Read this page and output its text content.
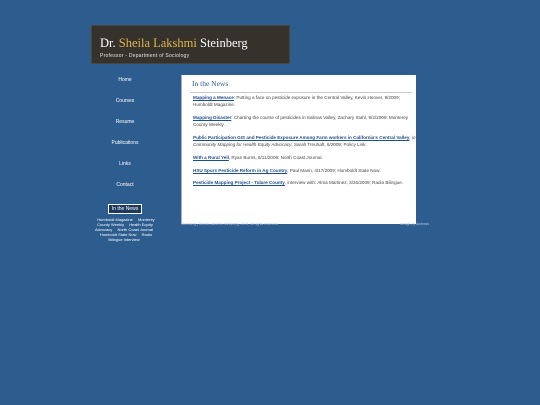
Dr. Sheila Lakshmi Steinberg
Professor - Department of Sociology
Home
Courses
Resume
Publications
Links
Contact
In the News
Humboldt Magazine Monterey County Weekly Health Equity Advocacy North Coast Journal Humboldt State Now Radio Bilingue Interview
In the News

Mapping a Menace: Putting a face on pesticide exposure in the Central Valley, Kevin Hoover, 9/2009; Humboldt Magazine.

Mapping Disaster: Charting the course of pesticides in Salinas Valley, Zachary Stahl, 9/2/2009; Monterey County Weekly.

Public Participation GIS and Pesticide Exposure Among Farm workers in California's Central Valley, in Community Mapping for Health Equity Advocacy, Sarah Treuhaft, 6/2009; Policy Link.

With a Rural Yell, Ryan Burns, 6/11/2009; North Coast Journal.

HSU Spurs Pesticide Reform in Ag Country, Paul Mann, 4/17/2009; Humboldt State Now.

Pesticide Mapping Project - Tulare County, interview with: Alma Martinez, 3/26/2009; Radio Bilingue.

Steinberg | Sheila Lakshmi Steinberg, 2009, all rights reserved	design by Andreas
